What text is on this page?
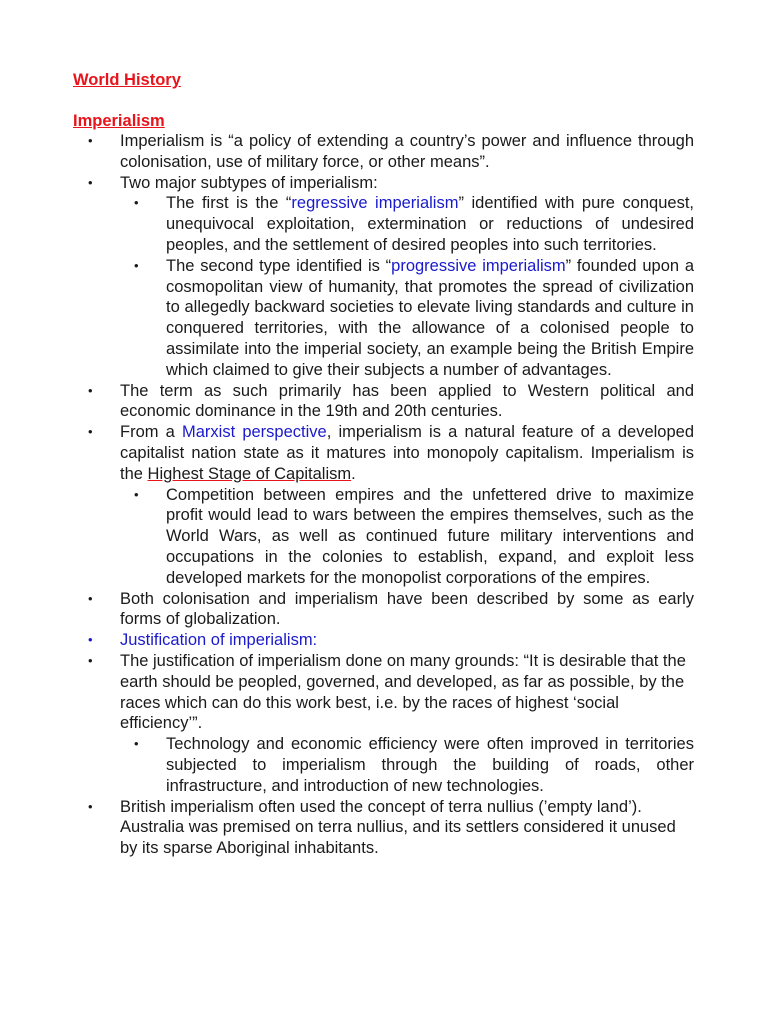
World History
Imperialism
• Imperialism is “a policy of extending a country’s power and influence through colonisation, use of military force, or other means”.
• Two major subtypes of imperialism:
• The first is the “regressive imperialism” identified with pure conquest, unequivocal exploitation, extermination or reductions of undesired peoples, and the settlement of desired peoples into such territories.
• The second type identified is “progressive imperialism” founded upon a cosmopolitan view of humanity, that promotes the spread of civilization to allegedly backward societies to elevate living standards and culture in conquered territories, with the allowance of a colonised people to assimilate into the imperial society, an example being the British Empire which claimed to give their subjects a number of advantages.
• The term as such primarily has been applied to Western political and economic dominance in the 19th and 20th centuries.
• From a Marxist perspective, imperialism is a natural feature of a developed capitalist nation state as it matures into monopoly capitalism. Imperialism is the Highest Stage of Capitalism.
• Competition between empires and the unfettered drive to maximize profit would lead to wars between the empires themselves, such as the World Wars, as well as continued future military interventions and occupations in the colonies to establish, expand, and exploit less developed markets for the monopolist corporations of the empires.
• Both colonisation and imperialism have been described by some as early forms of globalization.
• Justification of imperialism:
• The justification of imperialism done on many grounds: “It is desirable that the earth should be peopled, governed, and developed, as far as possible, by the races which can do this work best, i.e. by the races of highest ‘social efficiency’”.
• Technology and economic efficiency were often improved in territories subjected to imperialism through the building of roads, other infrastructure, and introduction of new technologies.
• British imperialism often used the concept of terra nullius (’empty land’). Australia was premised on terra nullius, and its settlers considered it unused by its sparse Aboriginal inhabitants.
